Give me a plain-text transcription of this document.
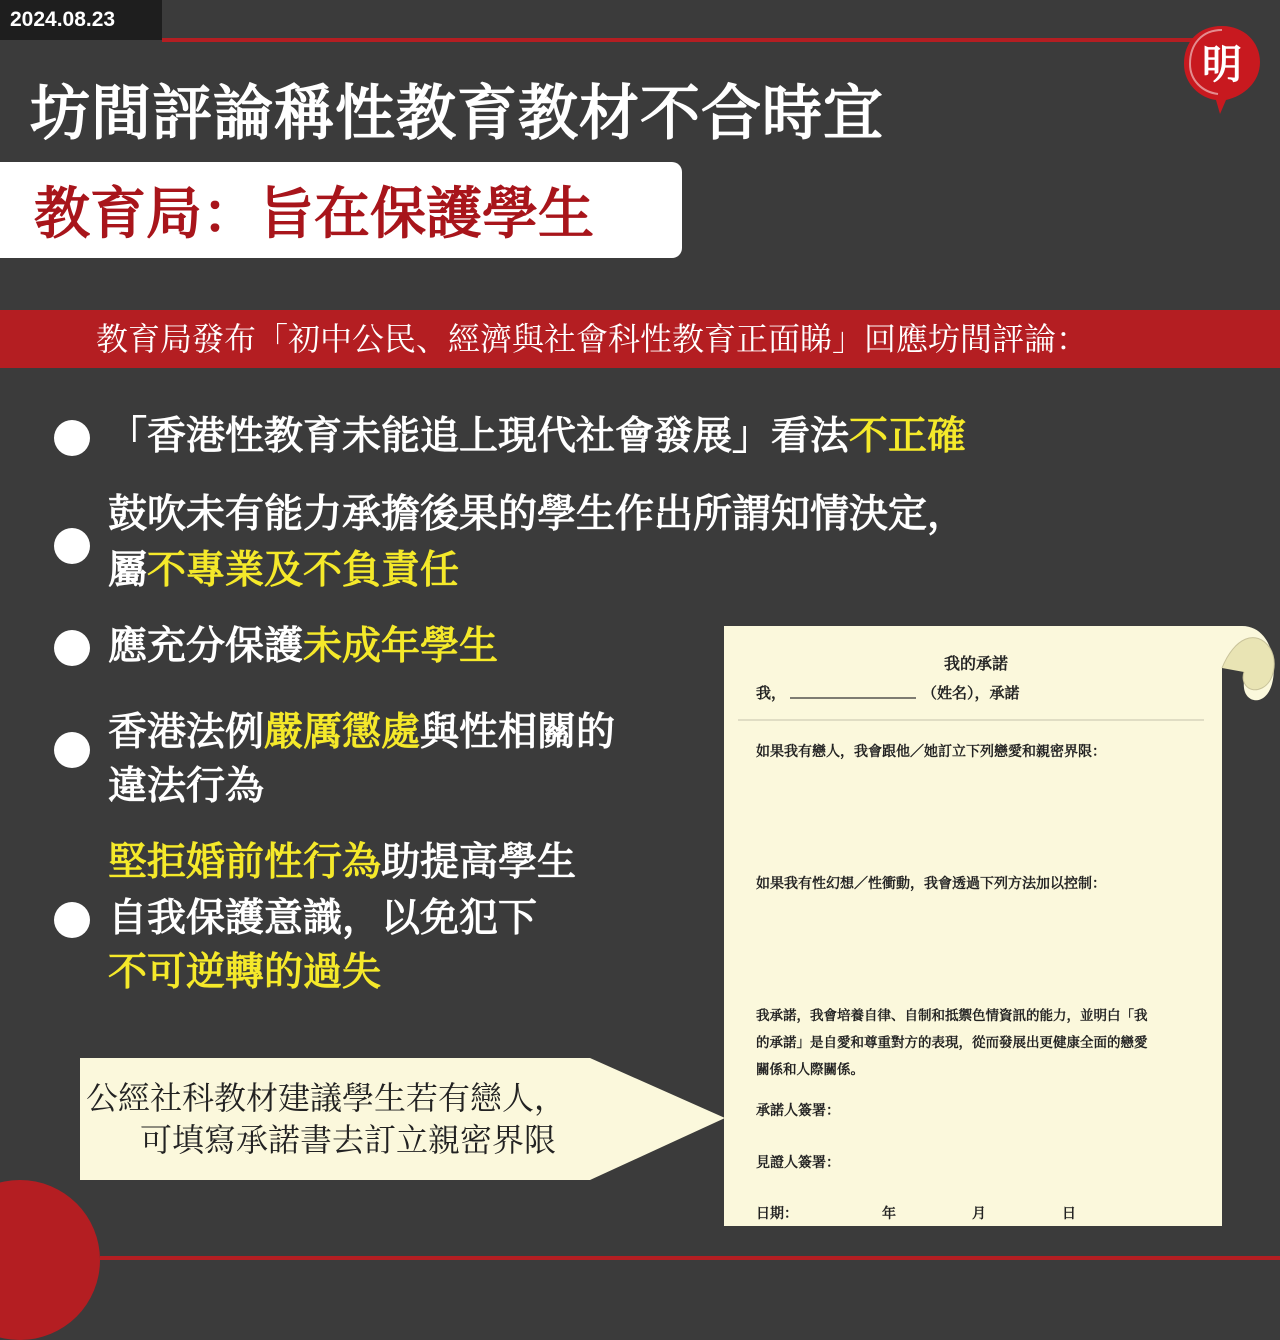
2024.08.23
明
坊間評論稱性教育教材不合時宜
教育局：旨在保護學生
教育局發布「初中公民、經濟與社會科性教育正面睇」回應坊間評論：
「香港性教育未能追上現代社會發展」看法不正確
鼓吹未有能力承擔後果的學生作出所謂知情決定，
屬不專業及不負責任
應充分保護未成年學生
香港法例嚴厲懲處與性相關的
違法行為
堅拒婚前性行為助提高學生
自我保護意識，以免犯下
不可逆轉的過失
公經社科教材建議學生若有戀人，
可填寫承諾書去訂立親密界限
我的承諾
我，	（姓名），承諾
如果我有戀人，我會跟他／她訂立下列戀愛和親密界限：
如果我有性幻想／性衝動，我會透過下列方法加以控制：
我承諾，我會培養自律、自制和抵禦色情資訊的能力，並明白「我
的承諾」是自愛和尊重對方的表現，從而發展出更健康全面的戀愛
關係和人際關係。
承諾人簽署：
見證人簽署：
日期：	年	月	日
